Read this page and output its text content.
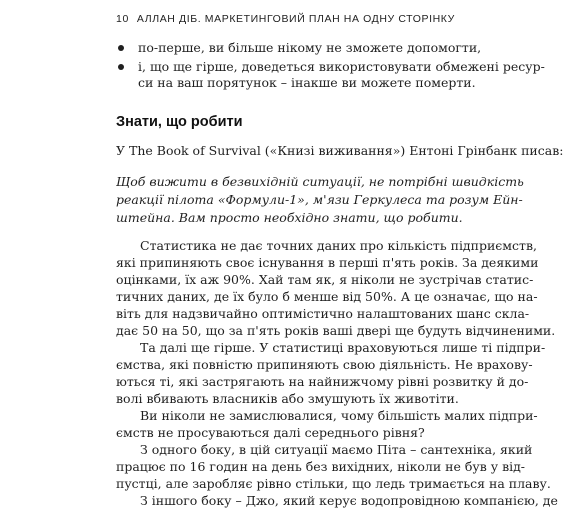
10 АЛЛАН ДІБ. МАРКЕТИНГОВИЙ ПЛАН НА ОДНУ СТОРІНКУ
по-перше, ви більше нікому не зможете допомогти,
і, що ще гірше, доведеться використовувати обмежені ресур-
си на ваш порятунок – інакше ви можете померти.
Знати, що робити
У The Book of Survival («Книзі виживання») Ентоні Грінбанк писав:
Щоб вижити в безвихідній ситуації, не потрібні швидкість
реакції пілота «Формули-1», м'язи Геркулеса та розум Ейн-
штейна. Вам просто необхідно знати, що робити.
Статистика не дає точних даних про кількість підприємств,
які припиняють своє існування в перші п'ять років. За деякими
оцінками, їх аж 90%. Хай там як, я ніколи не зустрічав статис-
тичних даних, де їх було б менше від 50%. А це означає, що на-
віть для надзвичайно оптимістично налаштованих шанс скла-
дає 50 на 50, що за п'ять років ваші двері ще будуть відчиненими.
Та далі ще гірше. У статистиці враховуються лише ті підпри-
ємства, які повністю припиняють свою діяльність. Не врахову-
ються ті, які застрягають на найнижчому рівні розвитку й до-
волі вбивають власників або змушують їх животіти.
Ви ніколи не замислювалися, чому більшість малих підпри-
ємств не просуваються далі середнього рівня?
З одного боку, в цій ситуації маємо Піта – сантехніка, який
працює по 16 годин на день без вихідних, ніколи не був у від-
пустці, але заробляє рівно стільки, що ледь тримається на плаву.
З іншого боку – Джо, який керує водопровідною компанією, де
